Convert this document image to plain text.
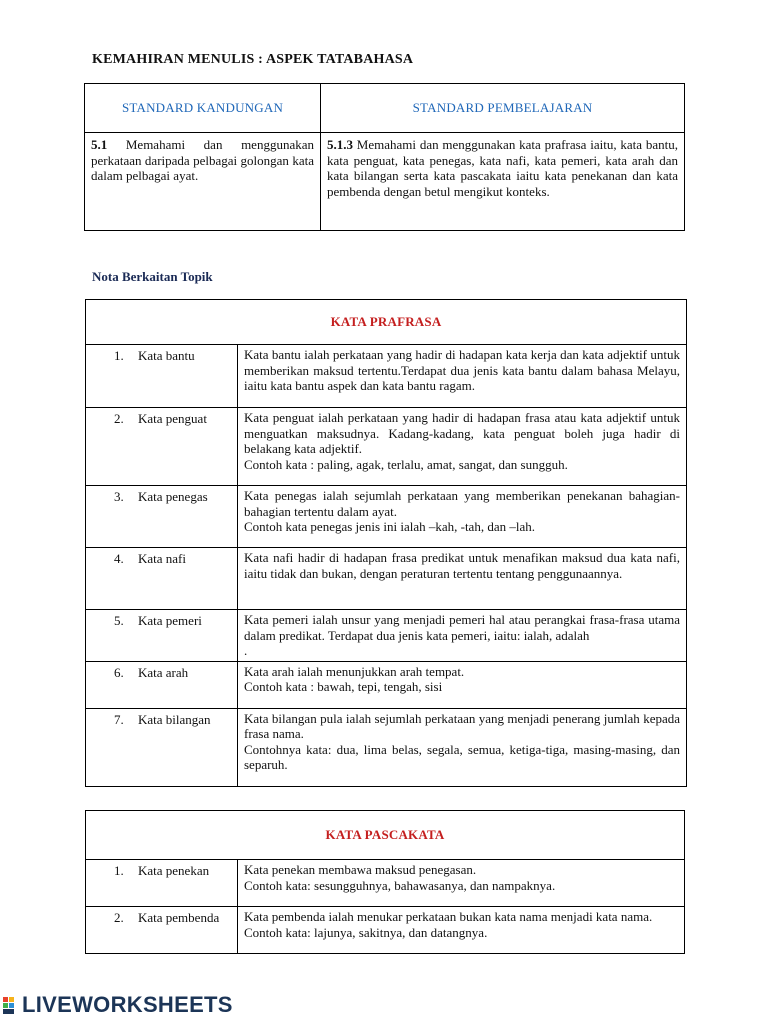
KEMAHIRAN MENULIS : ASPEK TATABAHASA
STANDARD KANDUNGAN	STANDARD PEMBELAJARAN
5.1 Memahami dan menggunakan perkataan daripada pelbagai golongan kata dalam pelbagai ayat.	5.1.3 Memahami dan menggunakan kata prafrasa iaitu, kata bantu, kata penguat, kata penegas, kata nafi, kata pemeri, kata arah dan kata bilangan serta kata pascakata iaitu kata penekanan dan kata pembenda dengan betul mengikut konteks.
Nota Berkaitan Topik
KATA PRAFRASA	
1. Kata bantu	Kata bantu ialah perkataan yang hadir di hadapan kata kerja dan kata adjektif untuk memberikan maksud tertentu.Terdapat dua jenis kata bantu dalam bahasa Melayu, iaitu kata bantu aspek dan kata bantu ragam.
2. Kata penguat	Kata penguat ialah perkataan yang hadir di hadapan frasa atau kata adjektif untuk menguatkan maksudnya. Kadang-kadang, kata penguat boleh juga hadir di belakang kata adjektif.
Contoh kata : paling, agak, terlalu, amat, sangat, dan sungguh.
3. Kata penegas	Kata penegas ialah sejumlah perkataan yang memberikan penekanan bahagian-bahagian tertentu dalam ayat.
Contoh kata penegas jenis ini ialah –kah, -tah, dan –lah.
4. Kata nafi	Kata nafi hadir di hadapan frasa predikat untuk menafikan maksud dua kata nafi, iaitu tidak dan bukan, dengan peraturan tertentu tentang penggunaannya.
5. Kata pemeri	Kata pemeri ialah unsur yang menjadi pemeri hal atau perangkai frasa-frasa utama dalam predikat. Terdapat dua jenis kata pemeri, iaitu: ialah, adalah
.
6. Kata arah	Kata arah ialah menunjukkan arah tempat.
Contoh kata : bawah, tepi, tengah, sisi
7. Kata bilangan	Kata bilangan pula ialah sejumlah perkataan yang menjadi penerang jumlah kepada frasa nama.
Contohnya kata: dua, lima belas, segala, semua, ketiga-tiga, masing-masing, dan separuh.
KATA PASCAKATA	
1. Kata penekan	Kata penekan membawa maksud penegasan.
Contoh kata: sesungguhnya, bahawasanya, dan nampaknya.
2. Kata pembenda	Kata pembenda ialah menukar perkataan bukan kata nama menjadi kata nama.
Contoh kata: lajunya, sakitnya, dan datangnya.
LIVEWORKSHEETS
